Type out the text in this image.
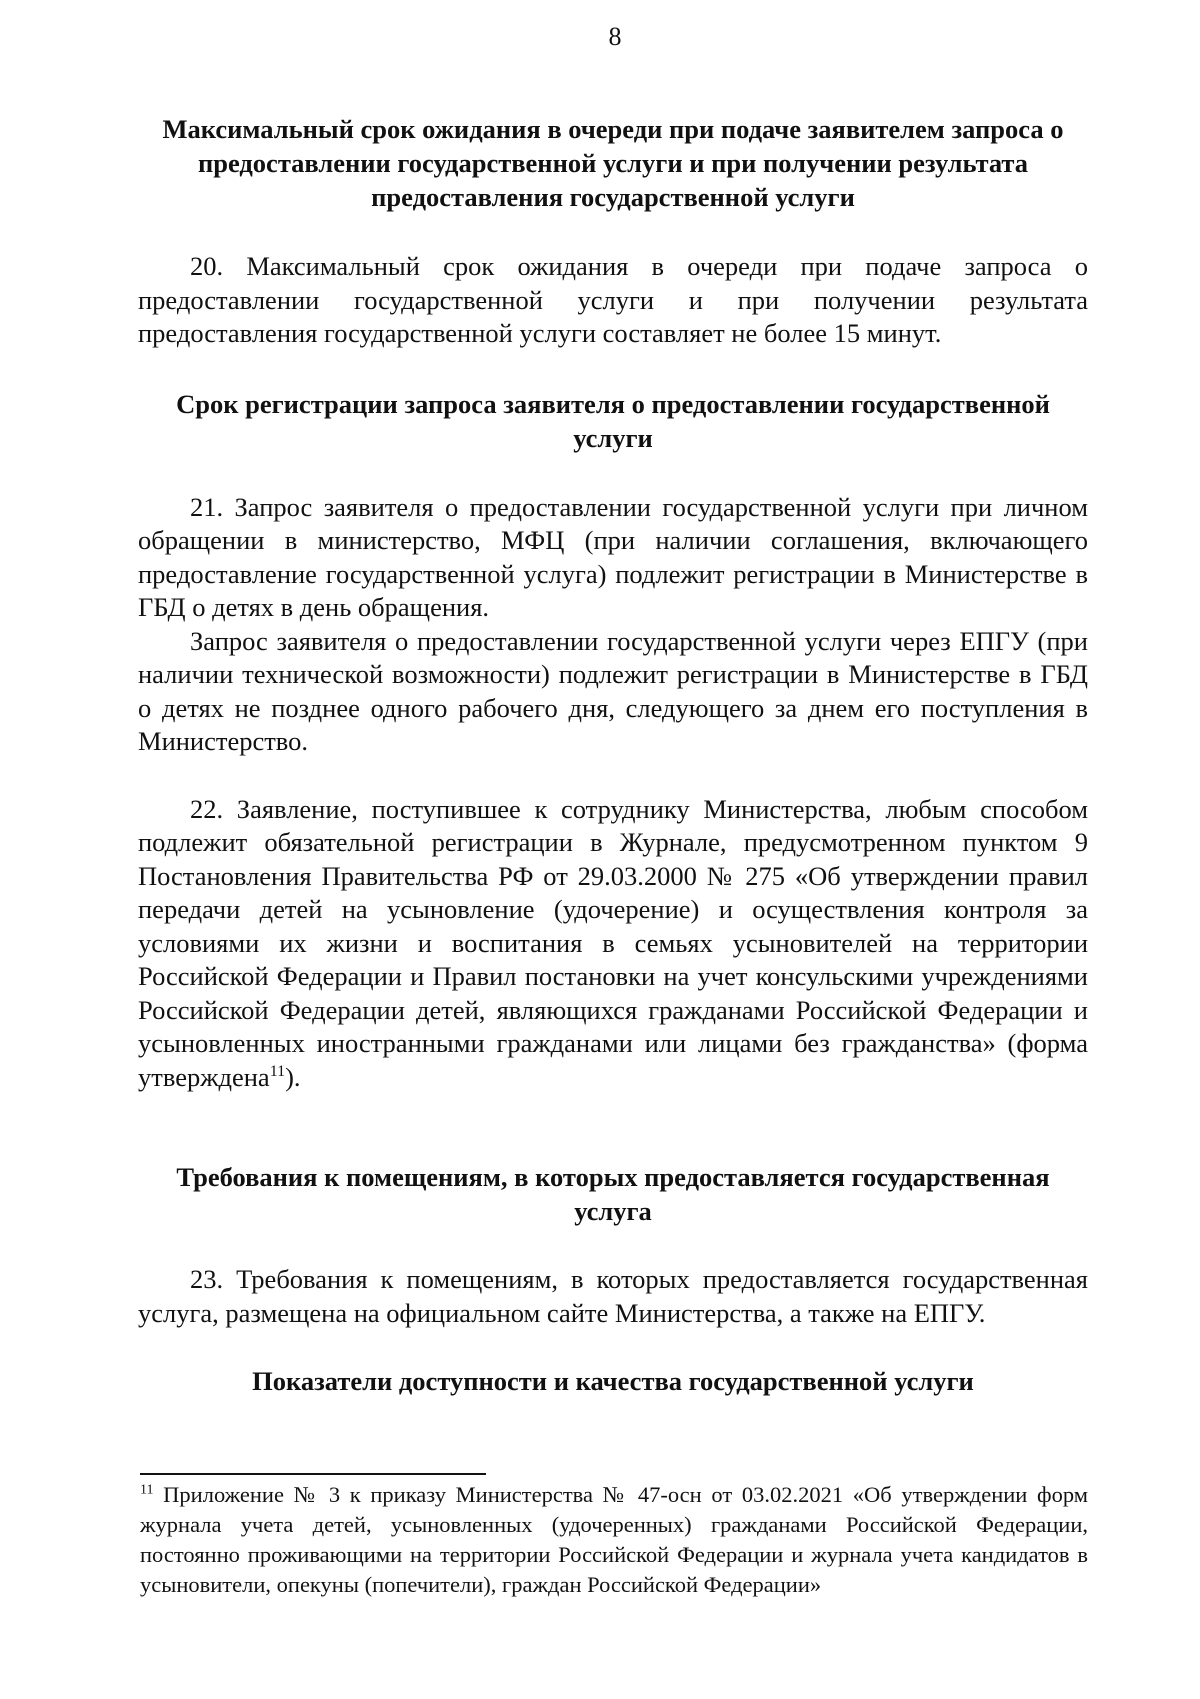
8

Максимальный срок ожидания в очереди при подаче заявителем запроса о предоставлении государственной услуги и при получении результата предоставления государственной услуги

20. Максимальный срок ожидания в очереди при подаче запроса о предоставлении государственной услуги и при получении результата предоставления государственной услуги составляет не более 15 минут.

Срок регистрации запроса заявителя о предоставлении государственной услуги

21. Запрос заявителя о предоставлении государственной услуги при личном обращении в министерство, МФЦ (при наличии соглашения, включающего предоставление государственной услуга) подлежит регистрации в Министерстве в ГБД о детях в день обращения.

Запрос заявителя о предоставлении государственной услуги через ЕПГУ (при наличии технической возможности) подлежит регистрации в Министерстве в ГБД о детях не позднее одного рабочего дня, следующего за днем его поступления в Министерство.

22. Заявление, поступившее к сотруднику Министерства, любым способом подлежит обязательной регистрации в Журнале, предусмотренном пунктом 9 Постановления Правительства РФ от 29.03.2000 № 275 «Об утверждении правил передачи детей на усыновление (удочерение) и осуществления контроля за условиями их жизни и воспитания в семьях усыновителей на территории Российской Федерации и Правил постановки на учет консульскими учреждениями Российской Федерации детей, являющихся гражданами Российской Федерации и усыновленных иностранными гражданами или лицами без гражданства» (форма утверждена$^{11}$).

Требования к помещениям, в которых предоставляется государственная услуга

23. Требования к помещениям, в которых предоставляется государственная услуга, размещена на официальном сайте Министерства, а также на ЕПГУ.

Показатели доступности и качества государственной услуги

$^{11}$ Приложение № 3 к приказу Министерства № 47-осн от 03.02.2021 «Об утверждении форм журнала учета детей, усыновленных (удочеренных) гражданами Российской Федерации, постоянно проживающими на территории Российской Федерации и журнала учета кандидатов в усыновители, опекуны (попечители), граждан Российской Федерации»
